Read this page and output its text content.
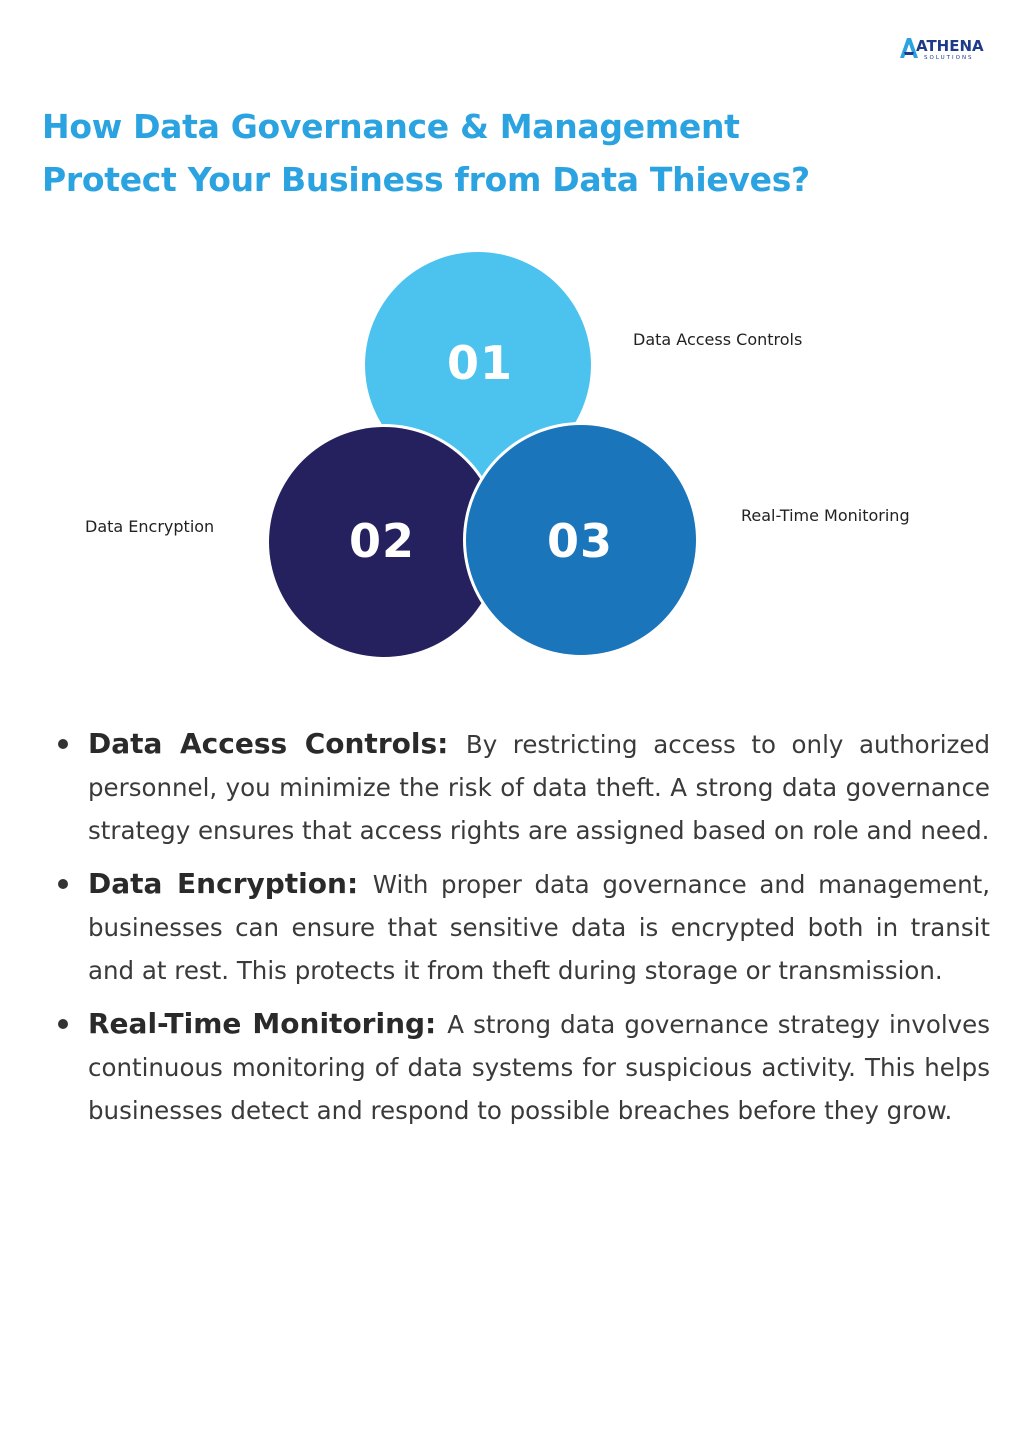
ATHENA
SOLUTIONS
How Data Governance & Management
Protect Your Business from Data Thieves?
01
02	03
Data Access Controls
Data Encryption
Real-Time Monitoring
Data Access Controls: By restricting access to only authorized personnel, you minimize the risk of data theft. A strong data governance strategy ensures that access rights are assigned based on role and need.
Data Encryption: With proper data governance and management, businesses can ensure that sensitive data is encrypted both in transit and at rest. This protects it from theft during storage or transmission.
Real-Time Monitoring: A strong data governance strategy involves continuous monitoring of data systems for suspicious activity. This helps businesses detect and respond to possible breaches before they grow.
